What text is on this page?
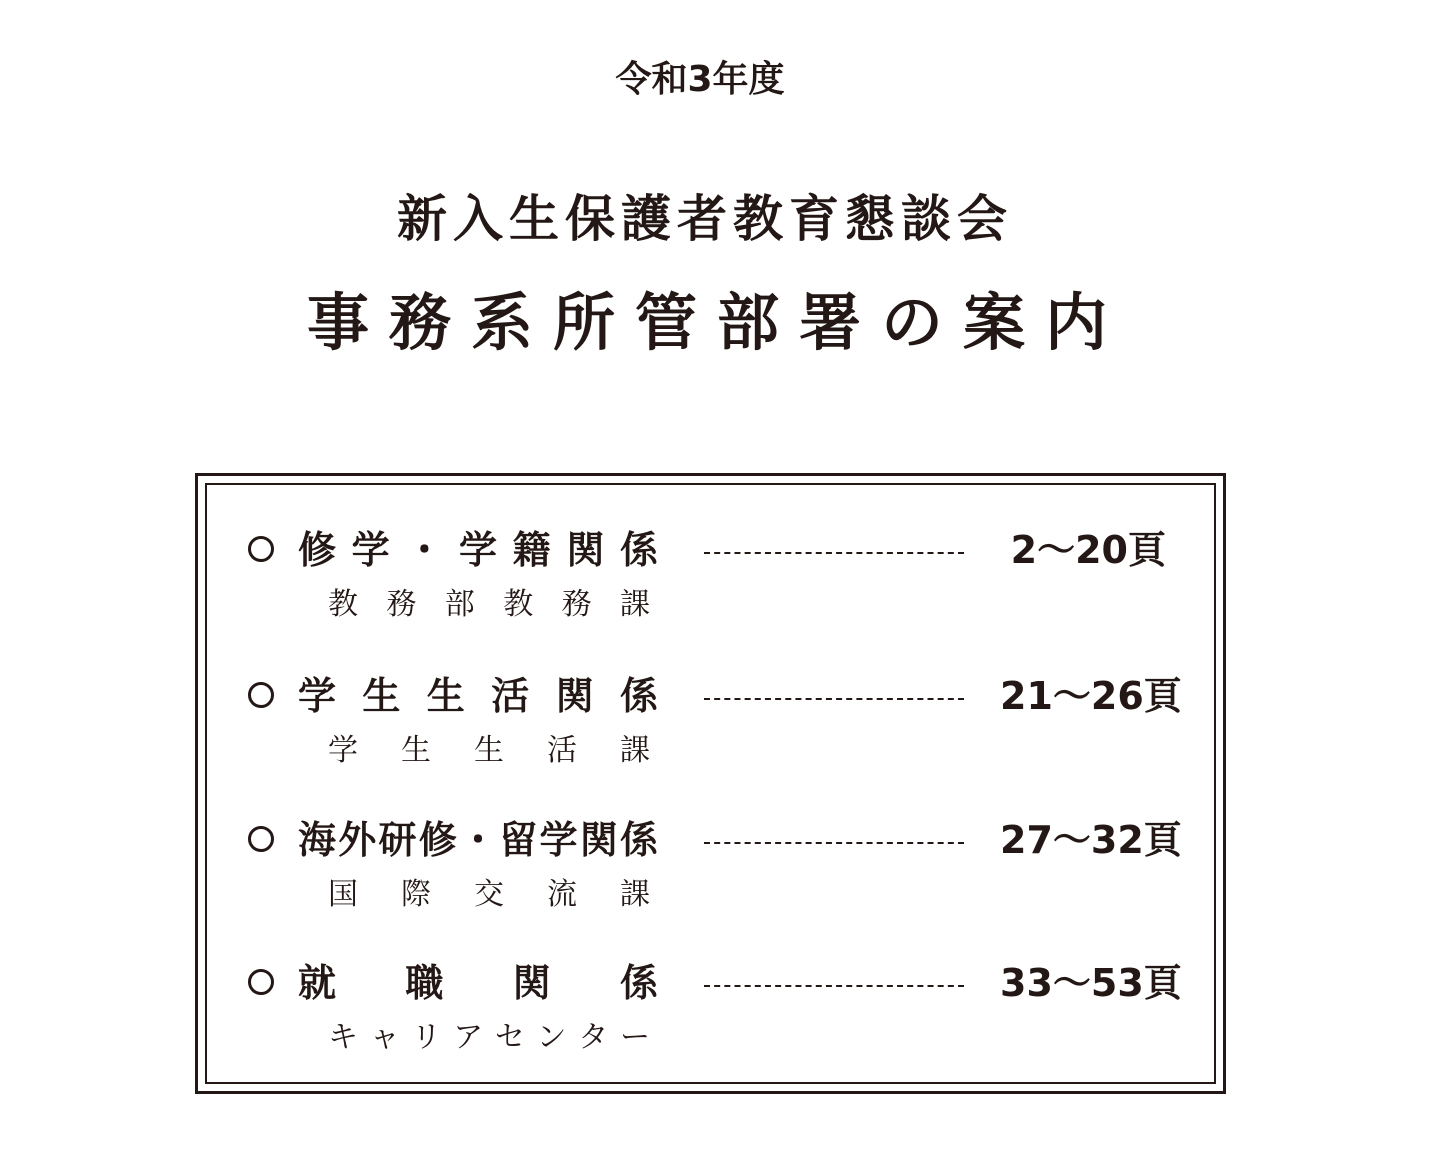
令和3年度
新入生保護者教育懇談会
事務系所管部署の案内
修 学 ・ 学 籍 関 係	2～20頁
教 務 部 教 務 課
学 生 生 活 関 係	21～26頁
学 生 生 活 課
海外研修・留学関係	27～32頁
国 際 交 流 課
就 職 関 係	33～53頁
キ ャ リ ア セ ン タ ー
